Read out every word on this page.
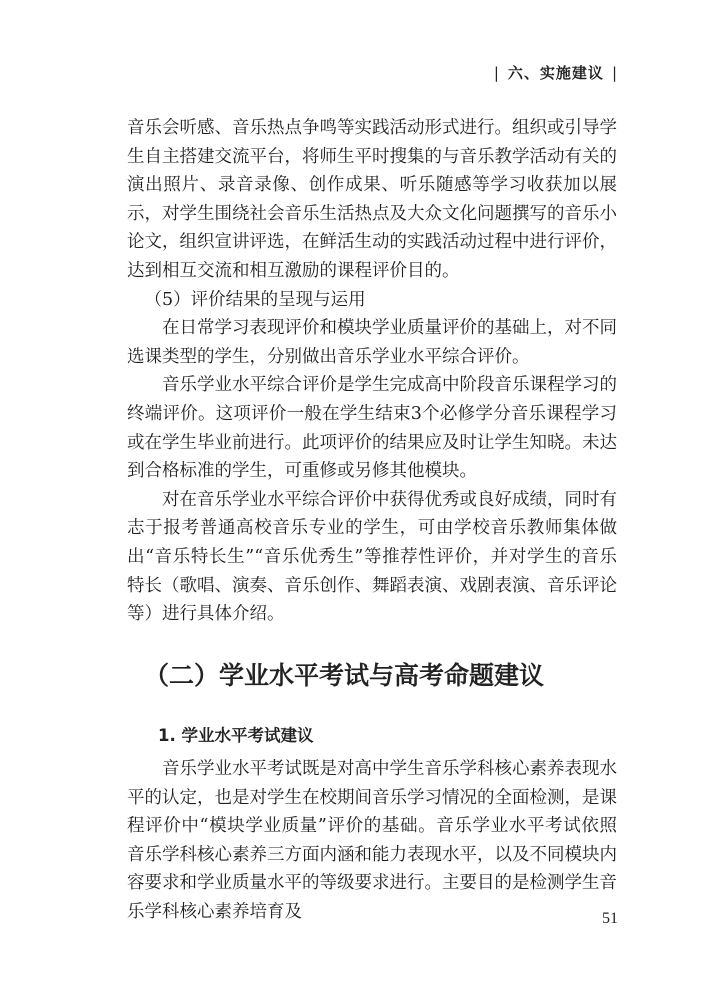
| 六、实施建议 |

音乐会听感、音乐热点争鸣等实践活动形式进行。组织或引导学生自主搭建交流平台，将师生平时搜集的与音乐教学活动有关的演出照片、录音录像、创作成果、听乐随感等学习收获加以展示，对学生围绕社会音乐生活热点及大众文化问题撰写的音乐小论文，组织宣讲评选，在鲜活生动的实践活动过程中进行评价，达到相互交流和相互激励的课程评价目的。

（5）评价结果的呈现与运用

在日常学习表现评价和模块学业质量评价的基础上，对不同选课类型的学生，分别做出音乐学业水平综合评价。

音乐学业水平综合评价是学生完成高中阶段音乐课程学习的终端评价。这项评价一般在学生结束3个必修学分音乐课程学习或在学生毕业前进行。此项评价的结果应及时让学生知晓。未达到合格标准的学生，可重修或另修其他模块。

对在音乐学业水平综合评价中获得优秀或良好成绩，同时有志于报考普通高校音乐专业的学生，可由学校音乐教师集体做出“音乐特长生”“音乐优秀生”等推荐性评价，并对学生的音乐特长（歌唱、演奏、音乐创作、舞蹈表演、戏剧表演、音乐评论等）进行具体介绍。

（二）学业水平考试与高考命题建议
1. 学业水平考试建议

音乐学业水平考试既是对高中学生音乐学科核心素养表现水平的认定，也是对学生在校期间音乐学习情况的全面检测，是课程评价中“模块学业质量”评价的基础。音乐学业水平考试依照音乐学科核心素养三方面内涵和能力表现水平，以及不同模块内容要求和学业质量水平的等级要求进行。主要目的是检测学生音乐学科核心素养培育及	51
